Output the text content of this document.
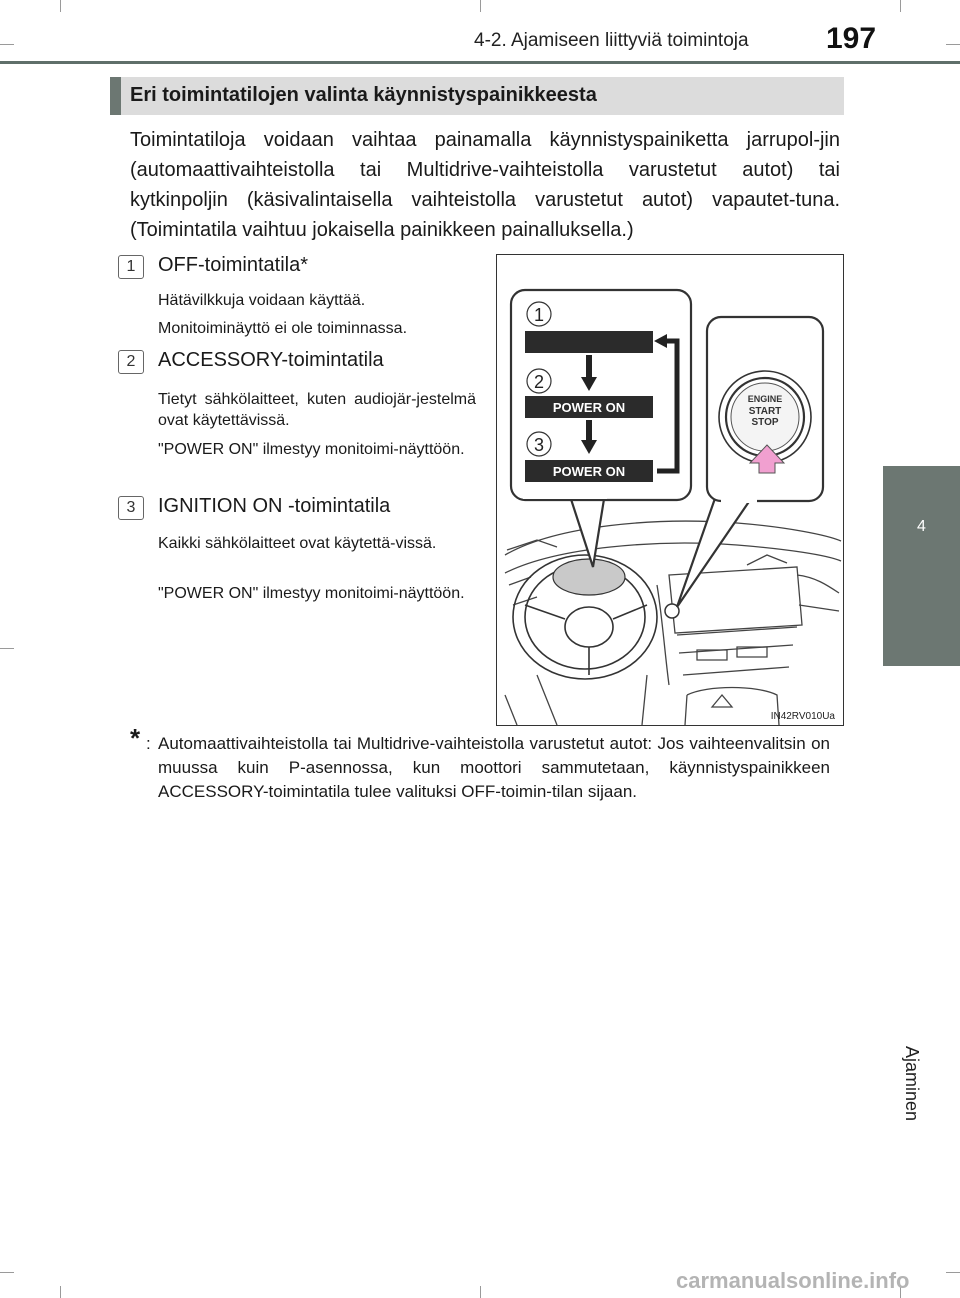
4-2. Ajamiseen liittyviä toimintoja	197
4
Ajaminen
Eri toimintatilojen valinta käynnistyspainikkeesta
Toimintatiloja voidaan vaihtaa painamalla käynnistyspainiketta jarrupol-jin (automaattivaihteistolla tai Multidrive-vaihteistolla varustetut autot) tai kytkinpoljin (käsivalintaisella vaihteistolla varustetut autot) vapautet-tuna. (Toimintatila vaihtuu jokaisella painikkeen painalluksella.)
1	OFF-toimintatila*
Hätävilkkuja voidaan käyttää.
Monitoiminäyttö ei ole toiminnassa.
2	ACCESSORY-toimintatila
Tietyt sähkölaitteet, kuten audiojär-jestelmä ovat käytettävissä.
"POWER ON" ilmestyy monitoimi-näyttöön.
3	IGNITION ON -toimintatila
Kaikki sähkölaitteet ovat käytettä-vissä.
"POWER ON" ilmestyy monitoimi-näyttöön.
1
2
3
POWER ON
POWER ON
ENGINE
START
STOP
IN42RV010Ua
* : Automaattivaihteistolla tai Multidrive-vaihteistolla varustetut autot: Jos vaihteenvalitsin on muussa kuin P-asennossa, kun moottori sammutetaan, käynnistyspainikkeen ACCESSORY-toimintatila tulee valituksi OFF-toimin-tilan sijaan.
carmanualsonline.info
